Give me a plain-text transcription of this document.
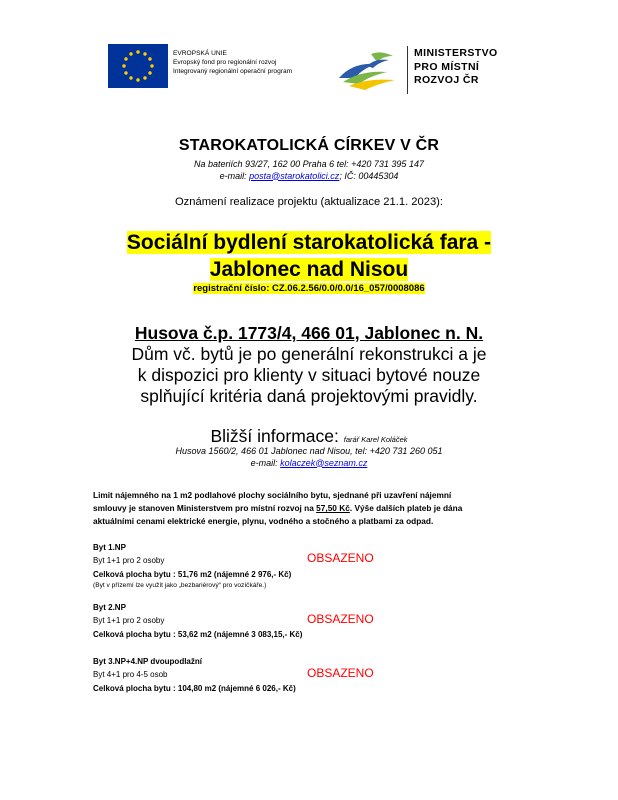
EVROPSKÁ UNIE
Evropský fond pro regionální rozvoj
Integrovaný regionální operační program
MINISTERSTVO
PRO MÍSTNÍ
ROZVOJ ČR
STAROKATOLICKÁ CÍRKEV V ČR
Na bateriích 93/27, 162 00 Praha 6 tel: +420 731 395 147
e-mail: posta@starokatolici.cz; IČ: 00445304
Oznámení realizace projektu (aktualizace 21.1. 2023):
Sociální bydlení starokatolická fara -
Jablonec nad Nisou
registrační číslo: CZ.06.2.56/0.0/0.0/16_057/0008086
Husova č.p. 1773/4, 466 01, Jablonec n. N.
Dům vč. bytů je po generální rekonstrukci a je
k dispozici pro klienty v situaci bytové nouze
splňující kritéria daná projektovými pravidly.
Bližší informace: farář Karel Koláček
Husova 1560/2, 466 01 Jablonec nad Nisou, tel: +420 731 260 051
e-mail: kolaczek@seznam.cz
Limit nájemného na 1 m2 podlahové plochy sociálního bytu, sjednané při uzavření nájemní
smlouvy je stanoven Ministerstvem pro místní rozvoj na 57,50 Kč. Výše dalších plateb je dána
aktuálními cenami elektrické energie, plynu, vodného a stočného a platbami za odpad.
Byt 1.NP
Byt 1+1 pro 2 osoby
Celková plocha bytu : 51,76 m2 (nájemné 2 976,- Kč)
(Byt v přízemí lze využít jako „bezbariérový“ pro vozíčkáře.)
OBSAZENO
Byt 2.NP
Byt 1+1 pro 2 osoby
Celková plocha bytu : 53,62 m2 (nájemné 3 083,15,- Kč)
OBSAZENO
Byt 3.NP+4.NP dvoupodlažní
Byt 4+1 pro 4-5 osob
Celková plocha bytu : 104,80 m2 (nájemné 6 026,- Kč)
OBSAZENO
